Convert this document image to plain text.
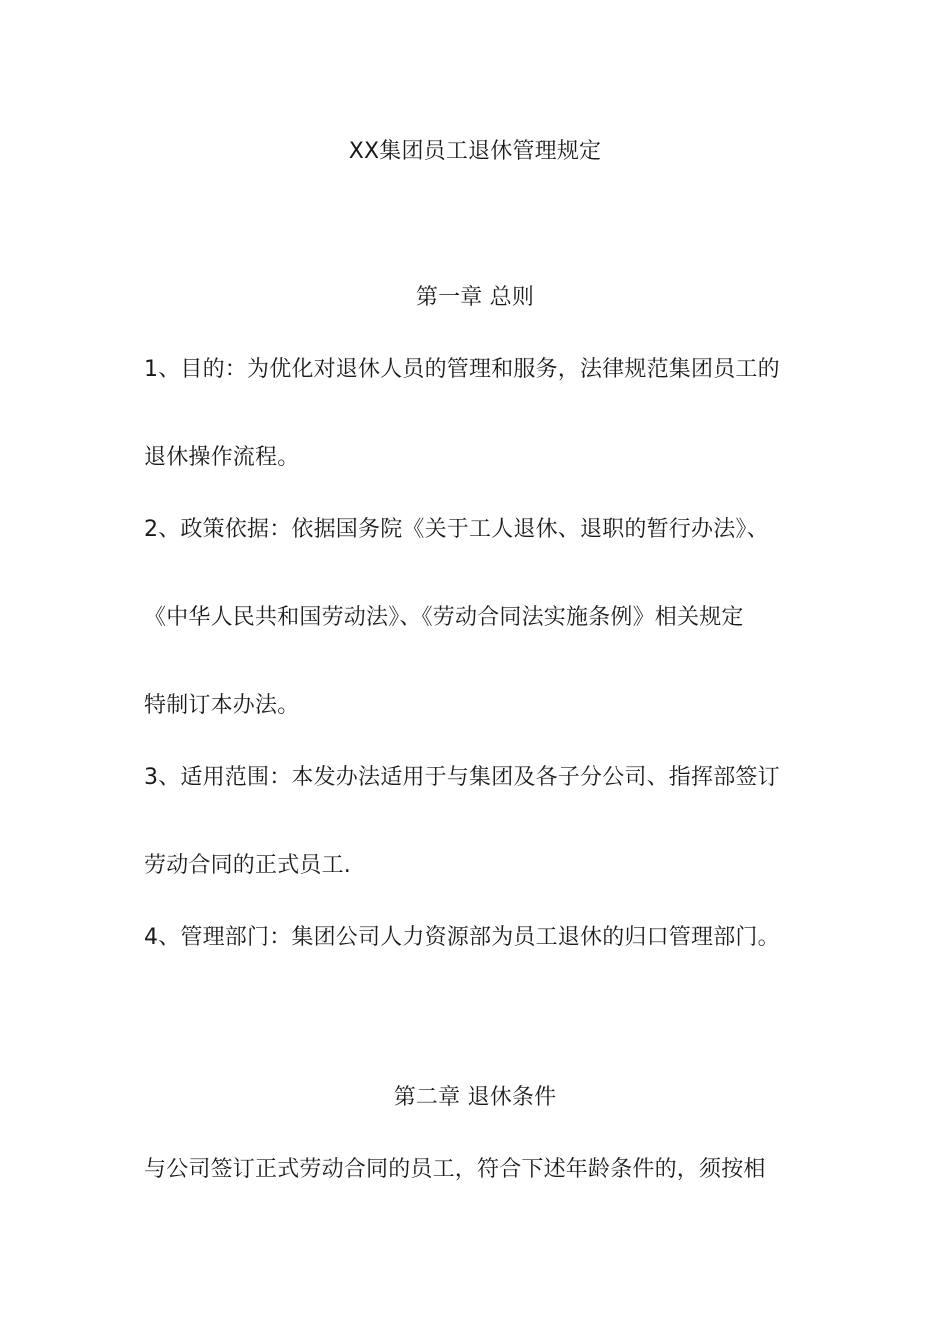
XX集团员工退休管理规定
第一章 总则
1、目的：为优化对退休人员的管理和服务，法律规范集团员工的
退休操作流程。
2、政策依据：依据国务院《关于工人退休、退职的暂行办法》、
《中华人民共和国劳动法》、《劳动合同法实施条例》相关规定
特制订本办法。
3、适用范围：本发办法适用于与集团及各子分公司、指挥部签订
劳动合同的正式员工.
4、管理部门：集团公司人力资源部为员工退休的归口管理部门。
第二章 退休条件
与公司签订正式劳动合同的员工，符合下述年龄条件的，须按相
